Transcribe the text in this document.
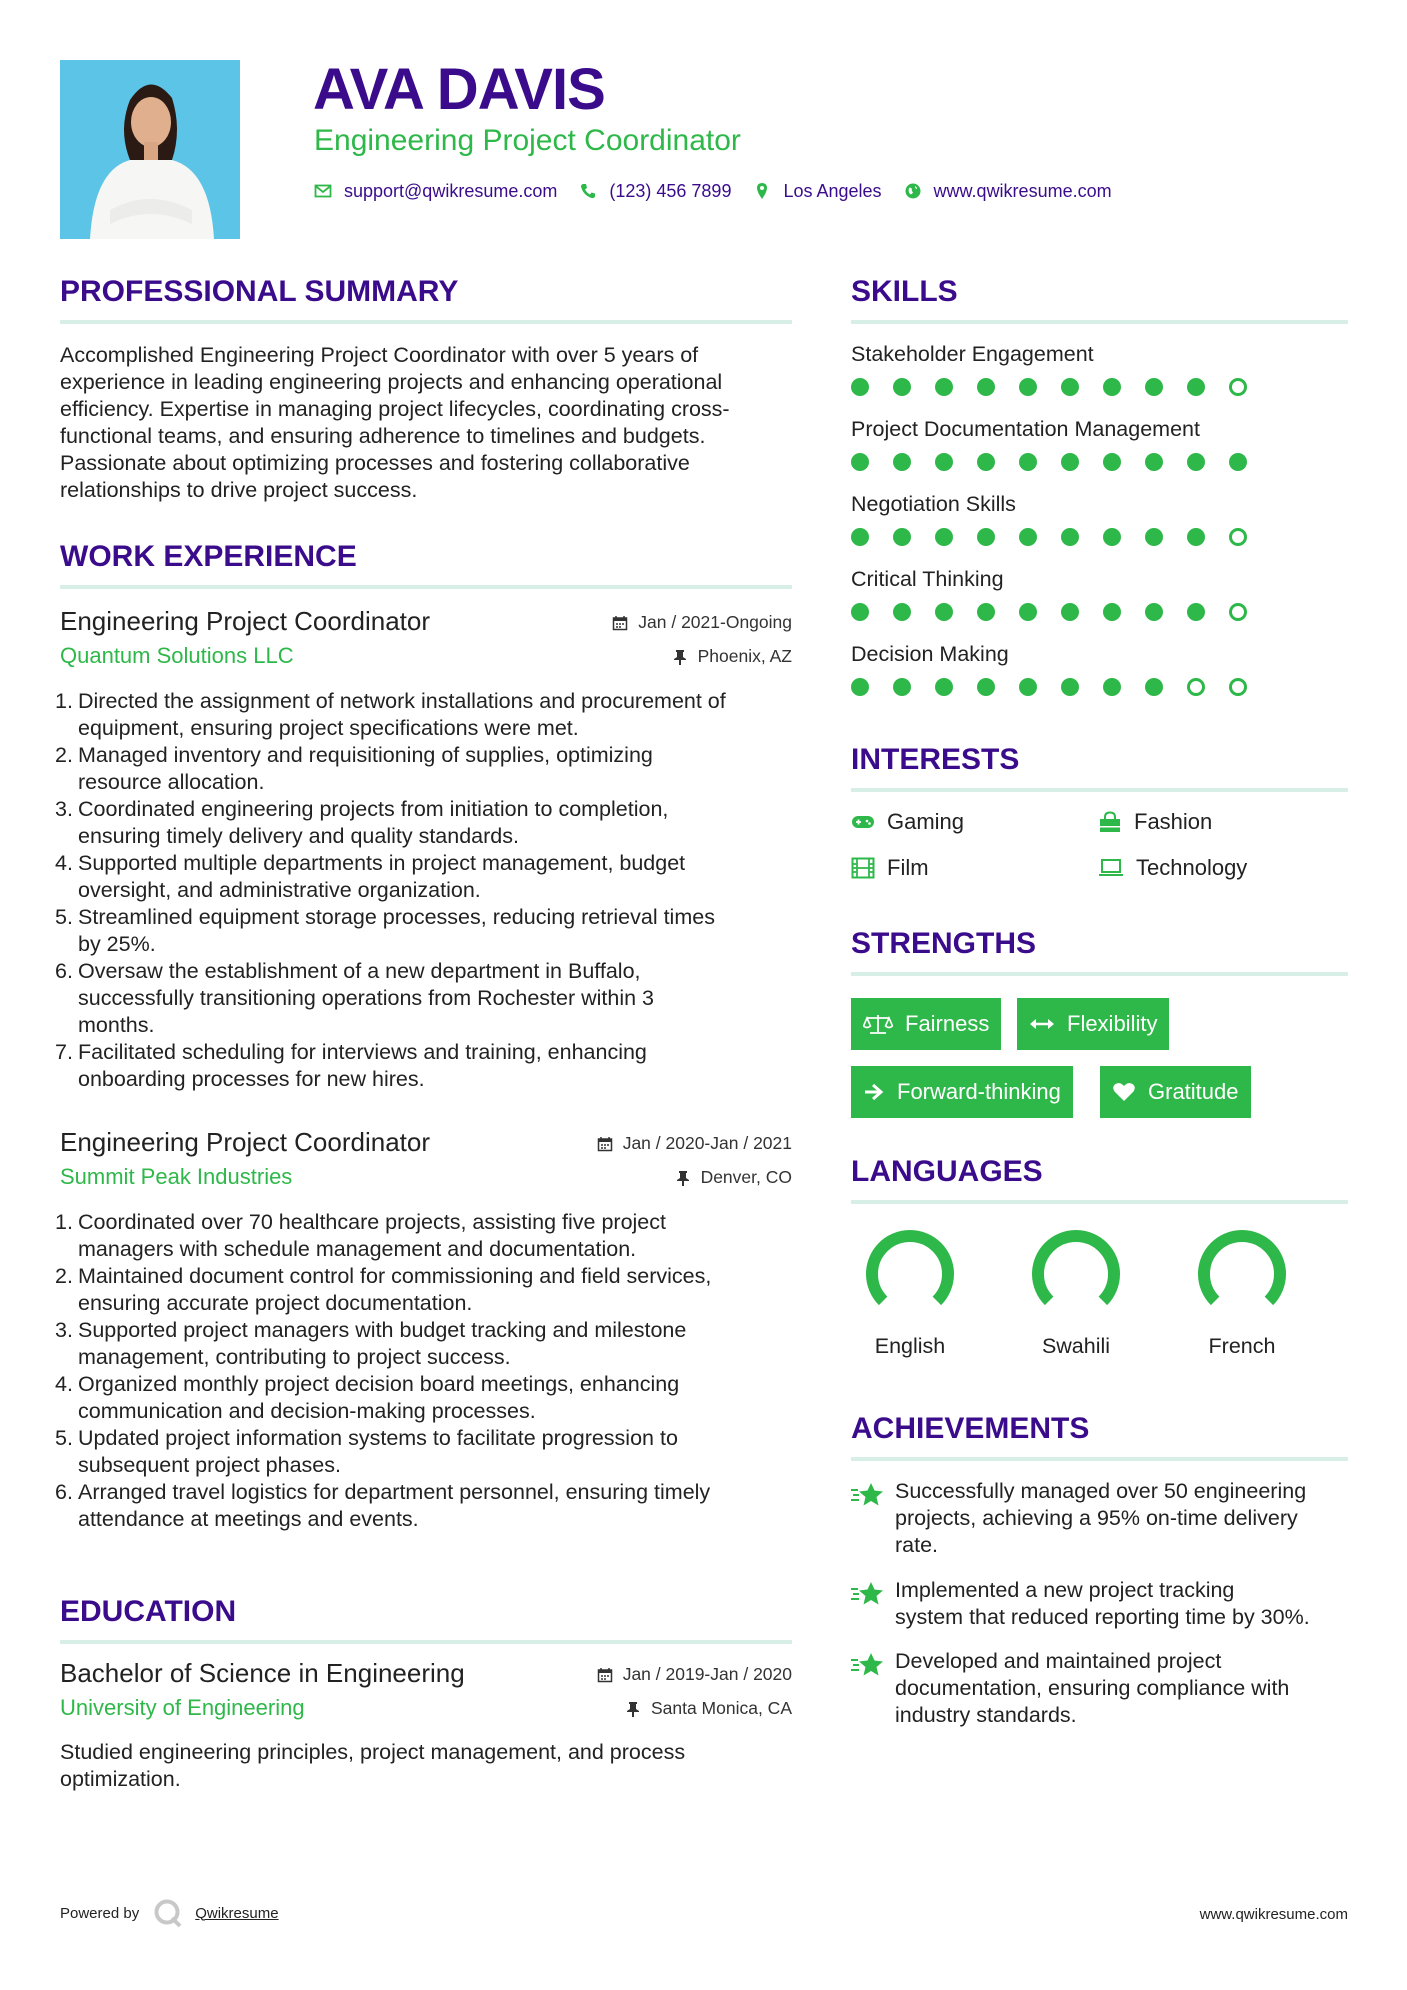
AVA DAVIS
Engineering Project Coordinator
support@qwikresume.com	(123) 456 7899	Los Angeles	www.qwikresume.com
PROFESSIONAL SUMMARY
Accomplished Engineering Project Coordinator with over 5 years of
experience in leading engineering projects and enhancing operational
efficiency. Expertise in managing project lifecycles, coordinating cross-
functional teams, and ensuring adherence to timelines and budgets.
Passionate about optimizing processes and fostering collaborative
relationships to drive project success.
WORK EXPERIENCE
Engineering Project Coordinator	Jan / 2021-Ongoing
Quantum Solutions LLC	Phoenix, AZ
1. Directed the assignment of network installations and procurement of
equipment, ensuring project specifications were met.
2. Managed inventory and requisitioning of supplies, optimizing
resource allocation.
3. Coordinated engineering projects from initiation to completion,
ensuring timely delivery and quality standards.
4. Supported multiple departments in project management, budget
oversight, and administrative organization.
5. Streamlined equipment storage processes, reducing retrieval times
by 25%.
6. Oversaw the establishment of a new department in Buffalo,
successfully transitioning operations from Rochester within 3
months.
7. Facilitated scheduling for interviews and training, enhancing
onboarding processes for new hires.
Engineering Project Coordinator	Jan / 2020-Jan / 2021
Summit Peak Industries	Denver, CO
1. Coordinated over 70 healthcare projects, assisting five project
managers with schedule management and documentation.
2. Maintained document control for commissioning and field services,
ensuring accurate project documentation.
3. Supported project managers with budget tracking and milestone
management, contributing to project success.
4. Organized monthly project decision board meetings, enhancing
communication and decision-making processes.
5. Updated project information systems to facilitate progression to
subsequent project phases.
6. Arranged travel logistics for department personnel, ensuring timely
attendance at meetings and events.
EDUCATION
Bachelor of Science in Engineering	Jan / 2019-Jan / 2020
University of Engineering	Santa Monica, CA
Studied engineering principles, project management, and process
optimization.
SKILLS
Stakeholder Engagement
Project Documentation Management
Negotiation Skills
Critical Thinking
Decision Making
INTERESTS
Gaming	Fashion
Film	Technology
STRENGTHS
Fairness	Flexibility
Forward-thinking	Gratitude
LANGUAGES
English	Swahili	French
ACHIEVEMENTS
Successfully managed over 50 engineering
projects, achieving a 95% on-time delivery
rate.
Implemented a new project tracking
system that reduced reporting time by 30%.
Developed and maintained project
documentation, ensuring compliance with
industry standards.
Powered by	Qwikresume	www.qwikresume.com
